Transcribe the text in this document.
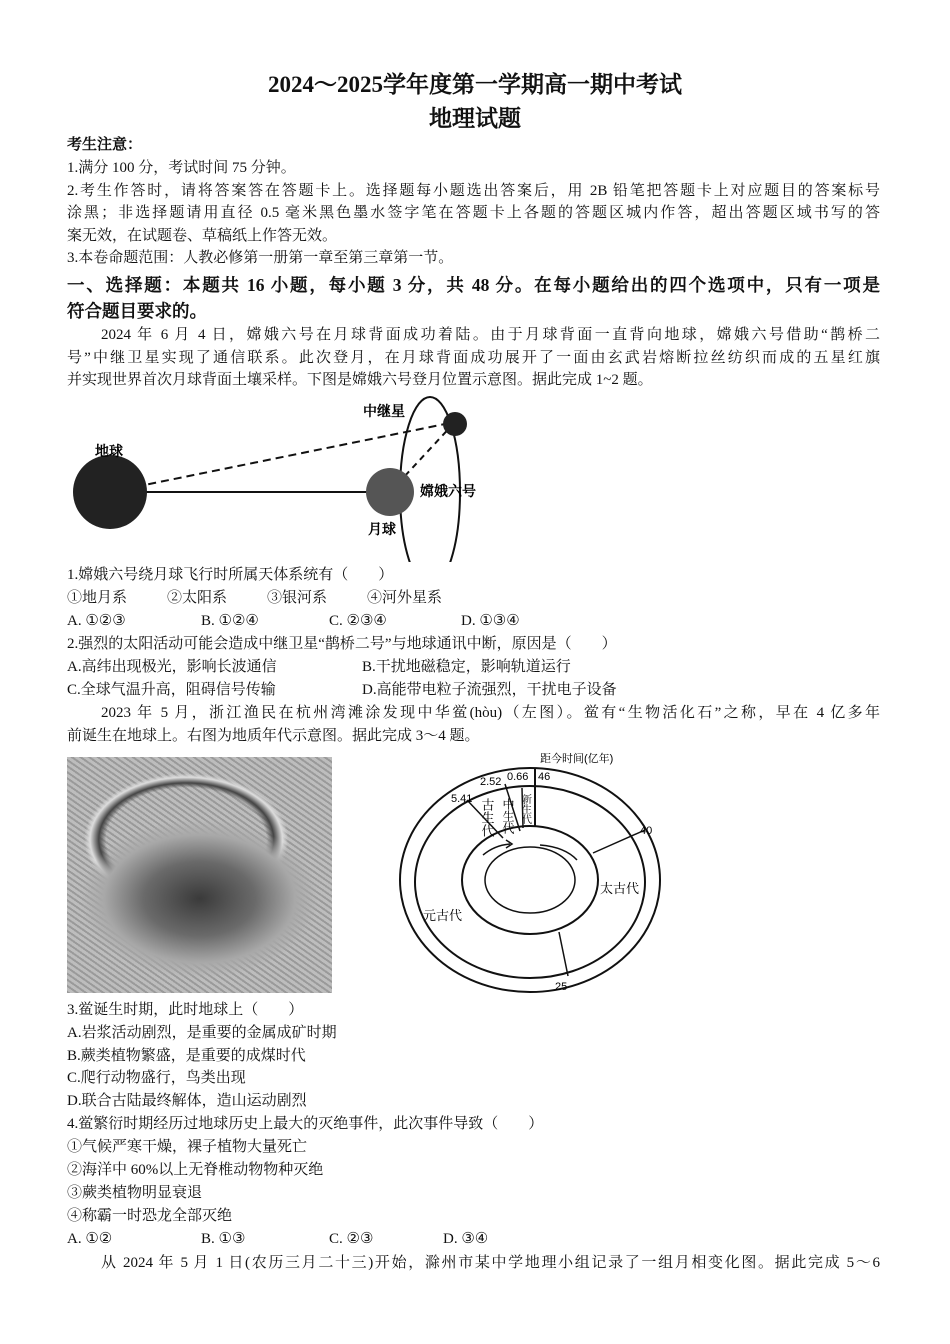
2024～2025学年度第一学期高一期中考试
地理试题
考生注意：
1.满分 100 分，考试时间 75 分钟。
2.考生作答时，请将答案答在答题卡上。选择题每小题选出答案后，用 2B 铅笔把答题卡上对应题目的答案标号
涂黑；非选择题请用直径 0.5 毫米黑色墨水签字笔在答题卡上各题的答题区城内作答，超出答题区域书写的答
案无效，在试题卷、草稿纸上作答无效。
3.本卷命题范围：人教必修第一册第一章至第三章第一节。
一、选择题：本题共 16 小题，每小题 3 分，共 48 分。在每小题给出的四个选项中，只有一项是
符合题目要求的。
2024 年 6 月 4 日，嫦娥六号在月球背面成功着陆。由于月球背面一直背向地球，嫦娥六号借助“鹊桥二
号”中继卫星实现了通信联系。此次登月，在月球背面成功展开了一面由玄武岩熔断拉丝纺织而成的五星红旗
并实现世界首次月球背面土壤采样。下图是嫦娥六号登月位置示意图。据此完成 1~2 题。
地球
中继星
嫦娥六号
月球
1.嫦娥六号绕月球飞行时所属天体系统有（　　）
①地月系	②太阳系	③银河系	④河外星系
A. ①②③	B. ①②④	C. ②③④	D. ①③④
2.强烈的太阳活动可能会造成中继卫星“鹊桥二号”与地球通讯中断，原因是（　　）
A.高纬出现极光，影响长波通信	B.干扰地磁稳定，影响轨道运行
C.全球气温升高，阻碍信号传输	D.高能带电粒子流强烈，干扰电子设备
2023 年 5 月，浙江渔民在杭州湾滩涂发现中华鲎(hòu)（左图）。鲎有“生物活化石”之称，早在 4 亿多年
前诞生在地球上。右图为地质年代示意图。据此完成 3～4 题。
距今时间(亿年)
46
0.66
2.52
5.41
40
25
新生代
中生代
古生代
元古代
太古代
3.鲎诞生时期，此时地球上（　　）
A.岩浆活动剧烈，是重要的金属成矿时期
B.蕨类植物繁盛，是重要的成煤时代
C.爬行动物盛行，鸟类出现
D.联合古陆最终解体，造山运动剧烈
4.鲎繁衍时期经历过地球历史上最大的灭绝事件，此次事件导致（　　）
①气候严寒干燥，裸子植物大量死亡
②海洋中 60%以上无脊椎动物物种灭绝
③蕨类植物明显衰退
④称霸一时恐龙全部灭绝
A. ①②	B. ①③	C. ②③	D. ③④
从 2024 年 5 月 1 日(农历三月二十三)开始，滁州市某中学地理小组记录了一组月相变化图。据此完成 5～6
